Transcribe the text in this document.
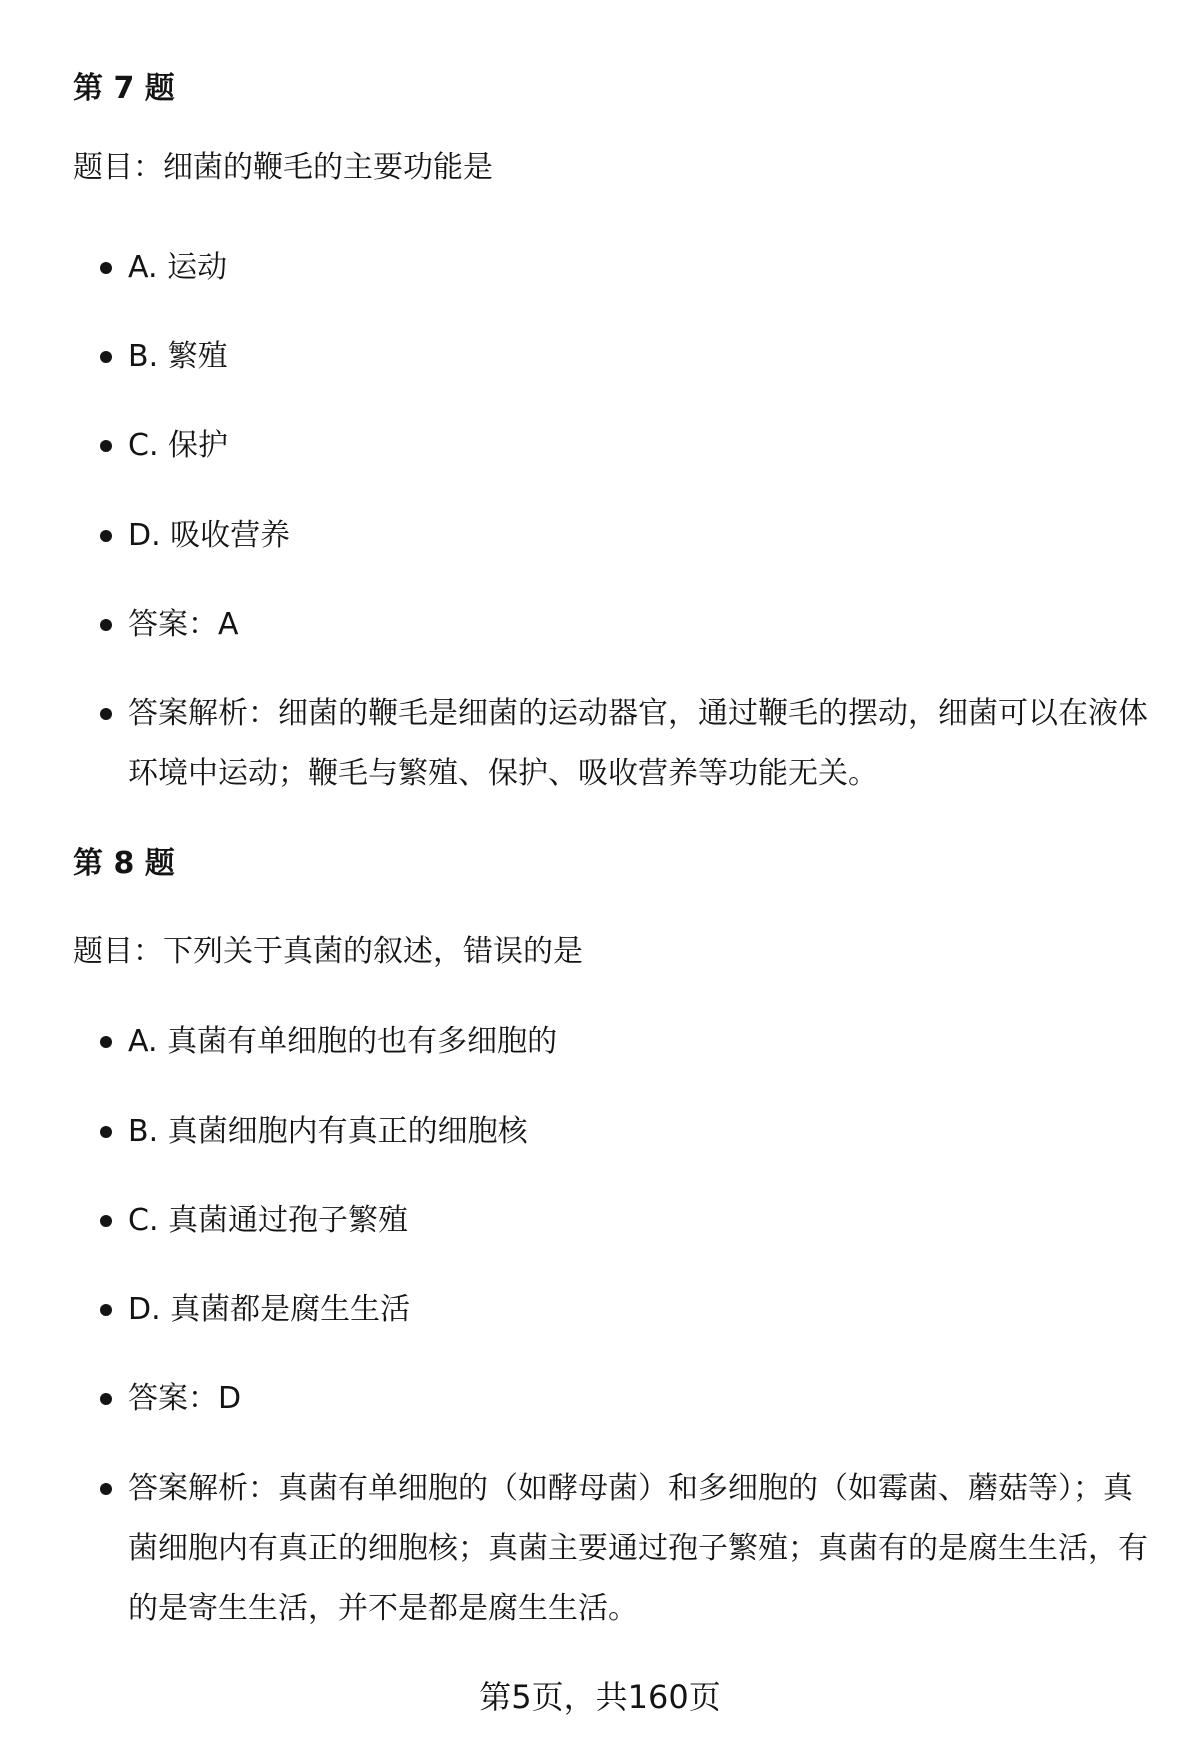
第 7 题

题目：细菌的鞭毛的主要功能是

A. 运动
B. 繁殖
C. 保护
D. 吸收营养
答案：A
答案解析：细菌的鞭毛是细菌的运动器官，通过鞭毛的摆动，细菌可以在液体环境中运动；鞭毛与繁殖、保护、吸收营养等功能无关。
第 8 题

题目：下列关于真菌的叙述，错误的是

A. 真菌有单细胞的也有多细胞的
B. 真菌细胞内有真正的细胞核
C. 真菌通过孢子繁殖
D. 真菌都是腐生生活
答案：D
答案解析：真菌有单细胞的（如酵母菌）和多细胞的（如霉菌、蘑菇等）；真菌细胞内有真正的细胞核；真菌主要通过孢子繁殖；真菌有的是腐生生活，有的是寄生生活，并不是都是腐生生活。
第5页，共160页
